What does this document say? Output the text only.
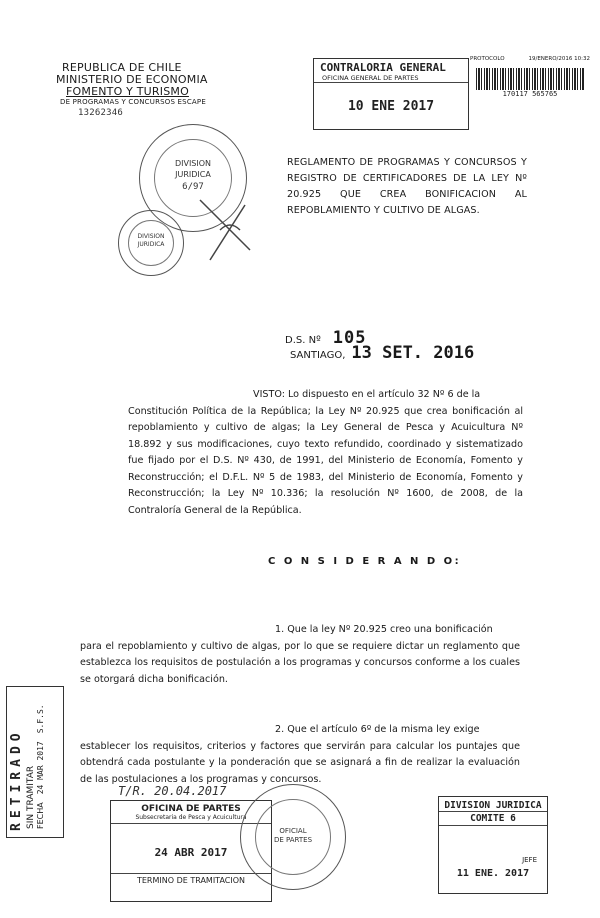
REPUBLICA DE CHILE
MINISTERIO DE ECONOMIA
FOMENTO Y TURISMO
DE PROGRAMAS Y CONCURSOS ESCAPE
13262346
CONTRALORIA GENERAL
OFICINA GENERAL DE PARTES
10 ENE 2017
PROTOCOLO	19/ENERO/2016 10:32
170117 565765
DIVISION
JURIDICA
6/97
DIVISION
JURIDICA
REGLAMENTO DE PROGRAMAS Y CONCURSOS Y REGISTRO DE CERTIFICADORES DE LA LEY Nº 20.925 QUE CREA BONIFICACION AL REPOBLAMIENTO Y CULTIVO DE ALGAS.
D.S. Nº 105
SANTIAGO, 13 SET. 2016
VISTO: Lo dispuesto en el artículo 32 Nº 6 de la
Constitución Política de la República; la Ley Nº 20.925 que crea bonificación al repoblamiento y cultivo de algas; la Ley General de Pesca y Acuicultura Nº 18.892 y sus modificaciones, cuyo texto refundido, coordinado y sistematizado fue fijado por el D.S. Nº 430, de 1991, del Ministerio de Economía, Fomento y Reconstrucción; el D.F.L. Nº 5 de 1983, del Ministerio de Economía, Fomento y Reconstrucción; la Ley Nº 10.336; la resolución Nº 1600, de 2008, de la Contraloría General de la República.
C O N S I D E R A N D O:
1. Que la ley Nº 20.925 creo una bonificación
para el repoblamiento y cultivo de algas, por lo que se requiere dictar un reglamento que establezca los requisitos de postulación a los programas y concursos conforme a los cuales se otorgará dicha bonificación.
2. Que el artículo 6º de la misma ley exige
establecer los requisitos, criterios y factores que servirán para calcular los puntajes que obtendrá cada postulante y la ponderación que se asignará a fin de realizar la evaluación de las postulaciones a los programas y concursos.
RETIRADO SIN TRAMITAR FECHA
24 MAR 2017
S.F.S.
T/R. 20.04.2017
OFICINA DE PARTES
Subsecretaria de Pesca y Acuicultura
24 ABR 2017
TERMINO DE TRAMITACION
OFICIAL
DE PARTES
DIVISION JURIDICA
COMITE 6
JEFE
11 ENE. 2017
